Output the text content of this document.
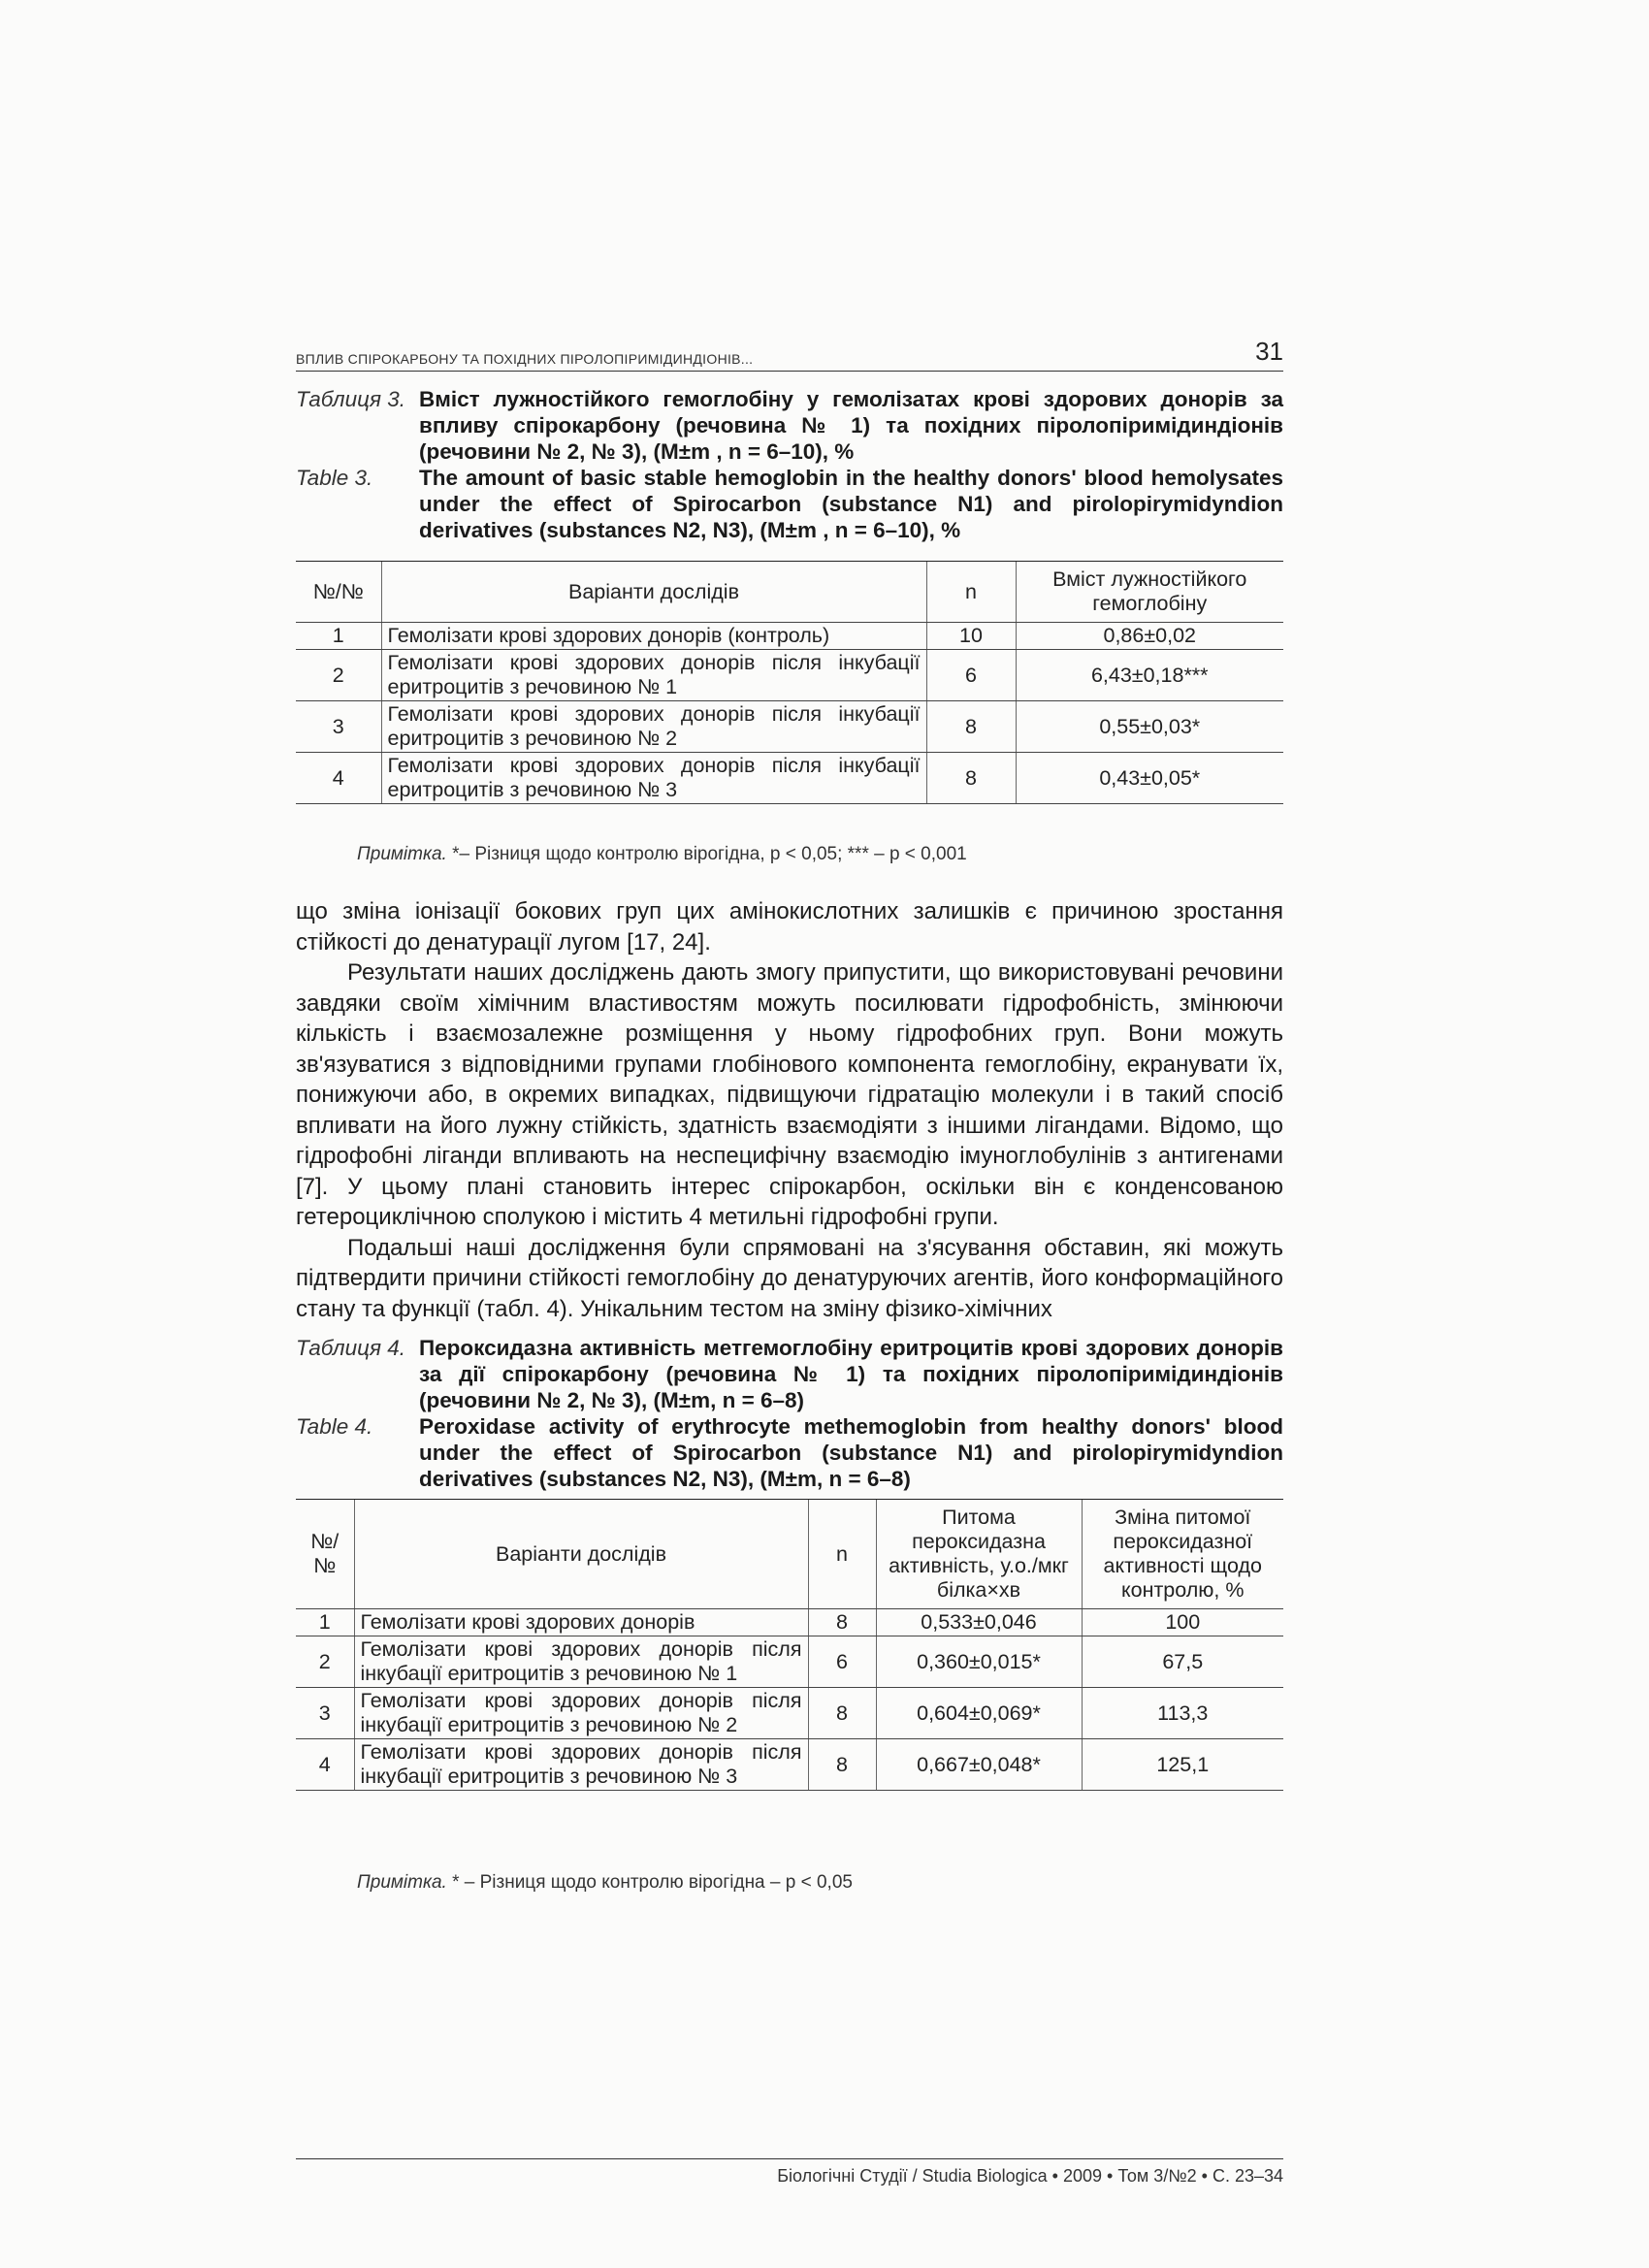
ВПЛИВ СПІРОКАРБОНУ ТА ПОХІДНИХ ПІРОЛОПІРИМІДИНДІОНІВ...	31
Таблиця 3. Вміст лужностійкого гемоглобіну у гемолізатах крові здорових донорів за впливу спірокарбону (речовина № 1) та похідних піролопіримідиндіонів (речовини № 2, № 3), (M±m , n = 6–10), %
Table 3. The amount of basic stable hemoglobin in the healthy donors' blood hemolysates under the effect of Spirocarbon (substance N1) and pirolopirymidyndion derivatives (substances N2, N3), (M±m , n = 6–10), %
№/№	Варіанти дослідів	n	Вміст лужностійкого гемоглобіну
1	Гемолізати крові здорових донорів (контроль)	10	0,86±0,02
2	Гемолізати крові здорових донорів після інкубації еритроцитів з речовиною № 1	6	6,43±0,18***
3	Гемолізати крові здорових донорів після інкубації еритроцитів з речовиною № 2	8	0,55±0,03*
4	Гемолізати крові здорових донорів після інкубації еритроцитів з речовиною № 3	8	0,43±0,05*
Примітка. *– Різниця щодо контролю вірогідна, p < 0,05; *** – p < 0,001

що зміна іонізації бокових груп цих амінокислотних залишків є причиною зростання стійкості до денатурації лугом [17, 24].

Результати наших досліджень дають змогу припустити, що використовувані речовини завдяки своїм хімічним властивостям можуть посилювати гідрофобність, змінюючи кількість і взаємозалежне розміщення у ньому гідрофобних груп. Вони можуть зв'язуватися з відповідними групами глобінового компонента гемоглобіну, екранувати їх, понижуючи або, в окремих випадках, підвищуючи гідратацію молекули і в такий спосіб впливати на його лужну стійкість, здатність взаємодіяти з іншими лігандами. Відомо, що гідрофобні ліганди впливають на неспецифічну взаємодію імуноглобулінів з антигенами [7]. У цьому плані становить інтерес спірокарбон, оскільки він є конденсованою гетероциклічною сполукою і містить 4 метильні гідрофобні групи.

Подальші наші дослідження були спрямовані на з'ясування обставин, які можуть підтвердити причини стійкості гемоглобіну до денатуруючих агентів, його конформаційного стану та функції (табл. 4). Унікальним тестом на зміну фізико-хімічних

Таблиця 4. Пероксидазна активність метгемоглобіну еритроцитів крові здорових донорів за дії спірокарбону (речовина № 1) та похідних піролопіримідиндіонів (речовини № 2, № 3), (M±m, n = 6–8)
Table 4. Peroxidase activity of erythrocyte methemoglobin from healthy donors' blood under the effect of Spirocarbon (substance N1) and pirolopirymidyndion derivatives (substances N2, N3), (M±m, n = 6–8)
№/ №	Варіанти дослідів	n	Питома пероксидазна активність, у.о./мкг білка×хв	Зміна питомої пероксидазної активності щодо контролю, %
1	Гемолізати крові здорових донорів	8	0,533±0,046	100
2	Гемолізати крові здорових донорів після інкубації еритроцитів з речовиною № 1	6	0,360±0,015*	67,5
3	Гемолізати крові здорових донорів після інкубації еритроцитів з речовиною № 2	8	0,604±0,069*	113,3
4	Гемолізати крові здорових донорів після інкубації еритроцитів з речовиною № 3	8	0,667±0,048*	125,1
Примітка. * – Різниця щодо контролю вірогідна – p < 0,05
Біологічні Студії / Studia Biologica • 2009 • Том 3/№2 • С. 23–34
